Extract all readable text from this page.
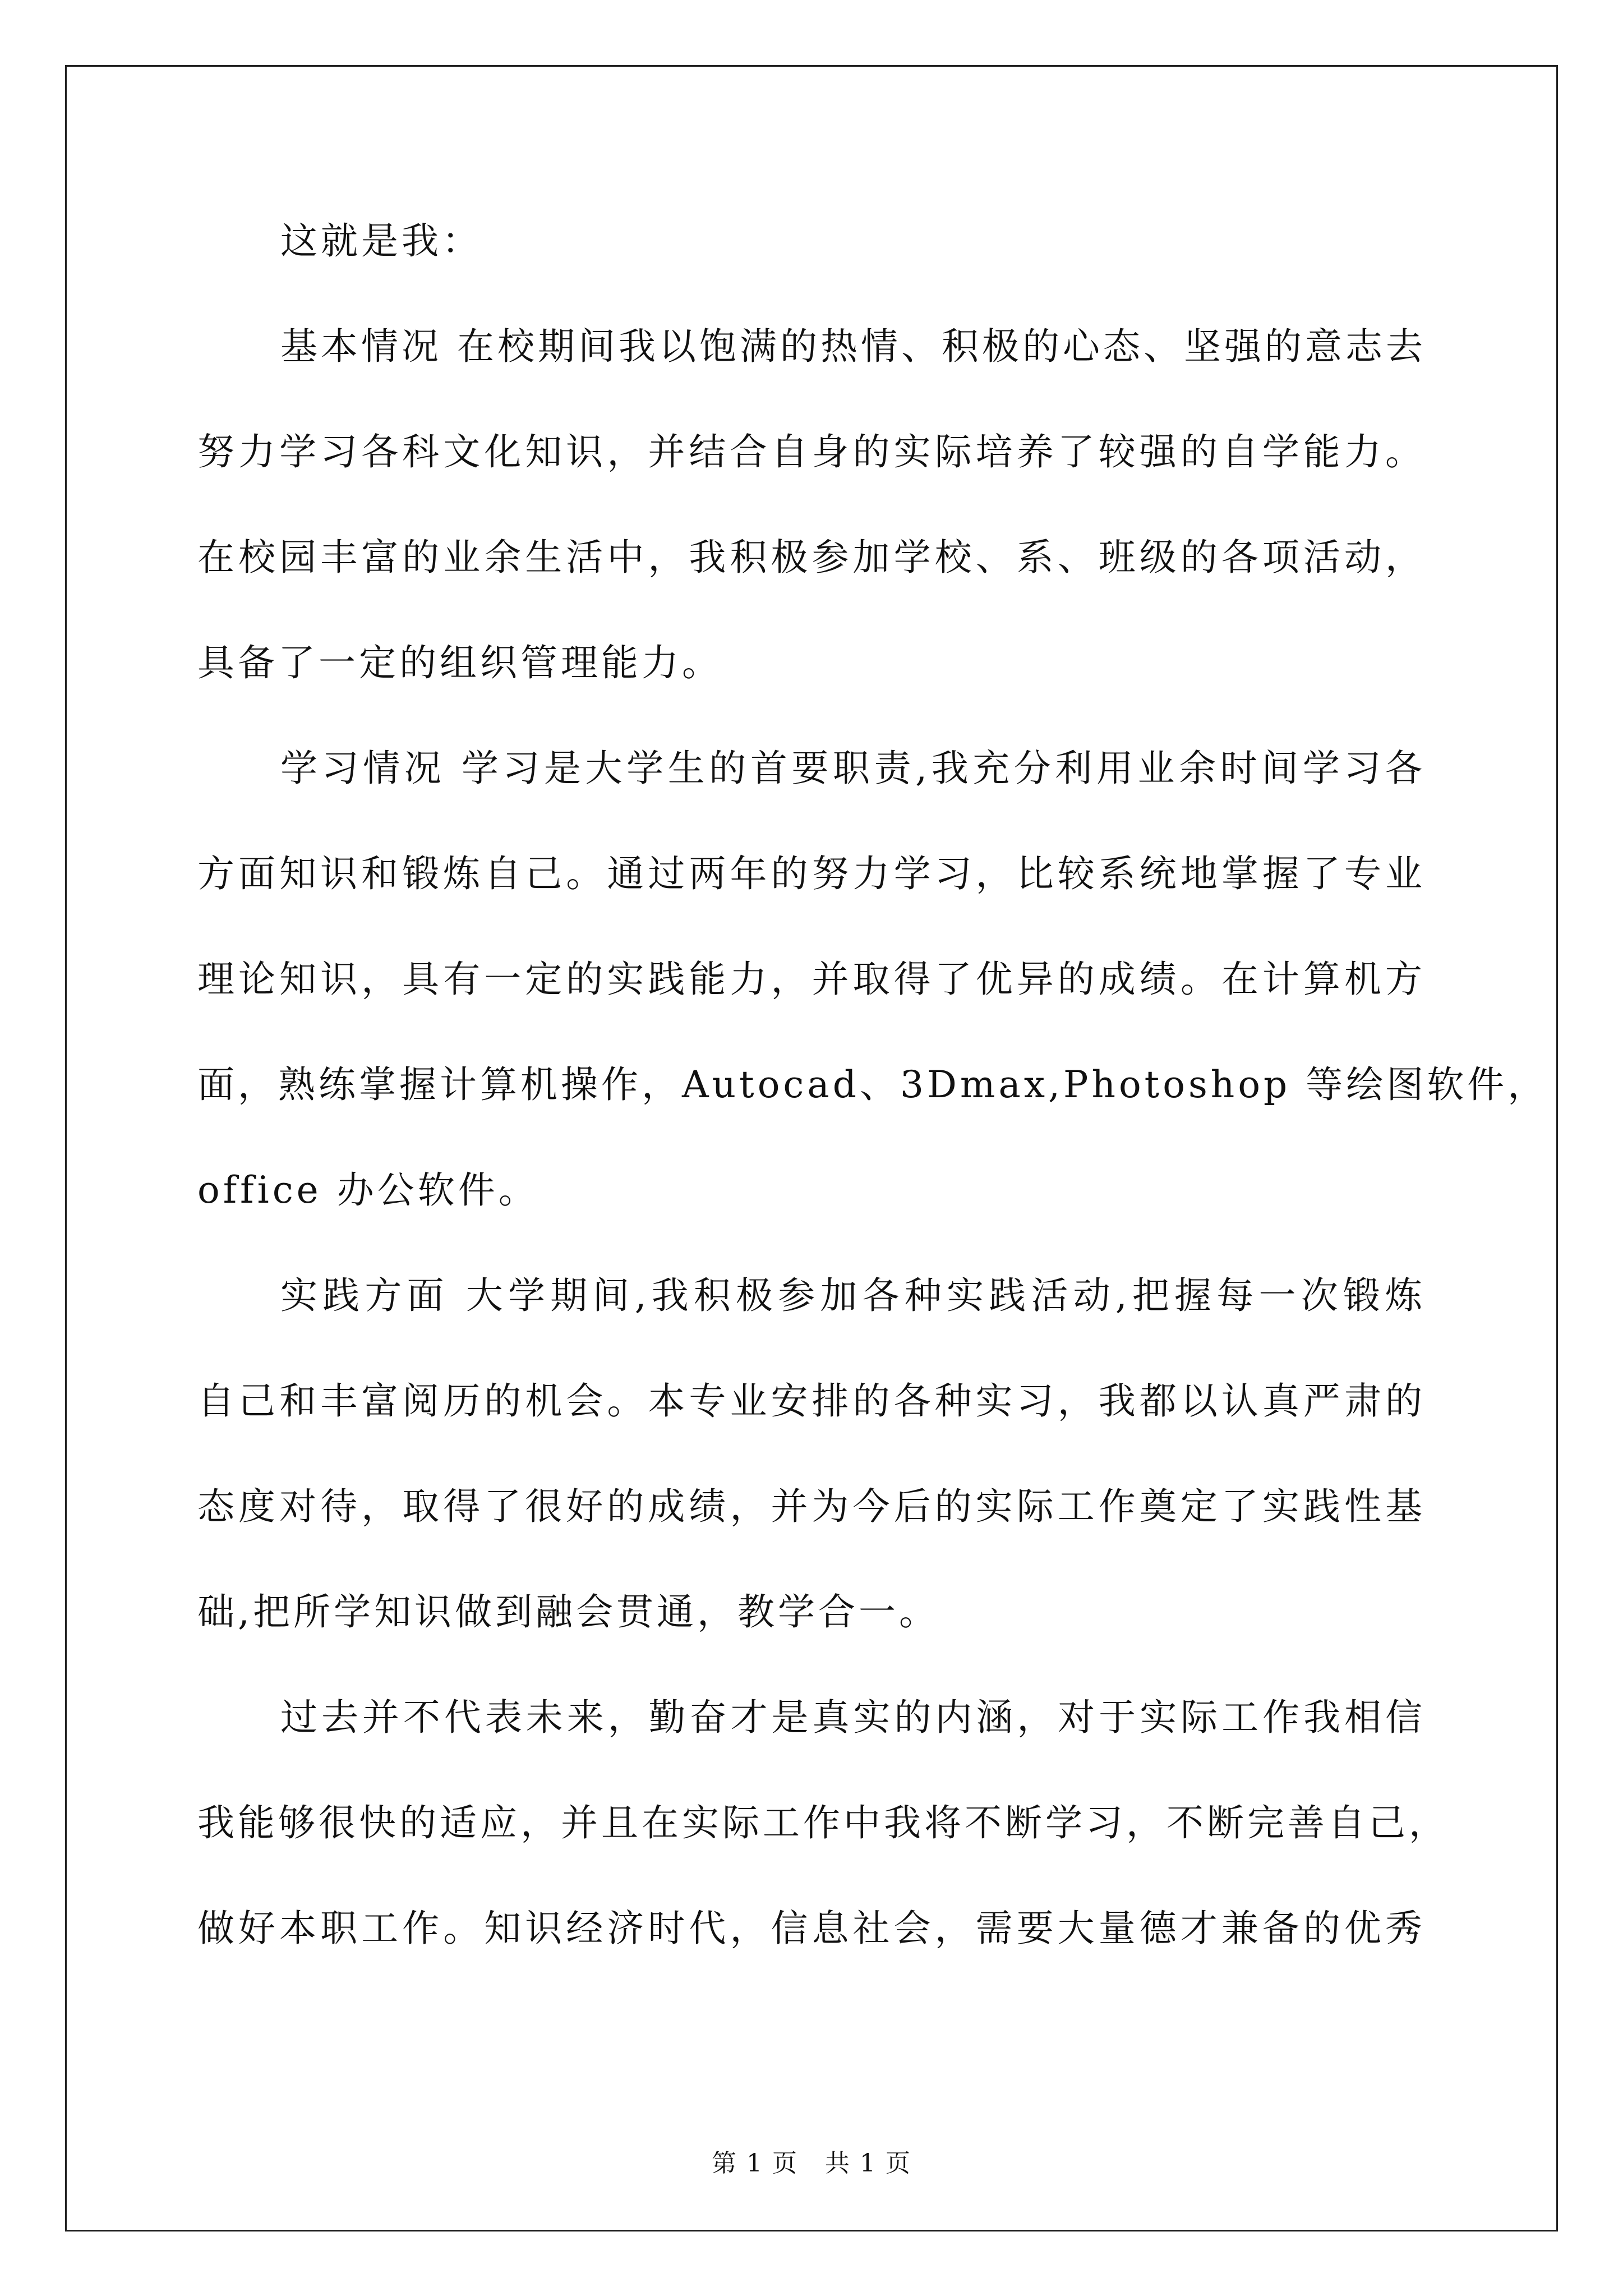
这就是我：
基本情况 在校期间我以饱满的热情、积极的心态、坚强的意志去
努力学习各科文化知识，并结合自身的实际培养了较强的自学能力。
在校园丰富的业余生活中，我积极参加学校、系、班级的各项活动，
具备了一定的组织管理能力。
学习情况 学习是大学生的首要职责,我充分利用业余时间学习各
方面知识和锻炼自己。通过两年的努力学习，比较系统地掌握了专业
理论知识，具有一定的实践能力，并取得了优异的成绩。在计算机方
面，熟练掌握计算机操作，Autocad、3Dmax,Photoshop 等绘图软件，
office 办公软件。
实践方面 大学期间,我积极参加各种实践活动,把握每一次锻炼
自己和丰富阅历的机会。本专业安排的各种实习，我都以认真严肃的
态度对待，取得了很好的成绩，并为今后的实际工作奠定了实践性基
础,把所学知识做到融会贯通，教学合一。
过去并不代表未来，勤奋才是真实的内涵，对于实际工作我相信
我能够很快的适应，并且在实际工作中我将不断学习，不断完善自己，
做好本职工作。知识经济时代，信息社会，需要大量德才兼备的优秀
第 1 页   共 1 页
